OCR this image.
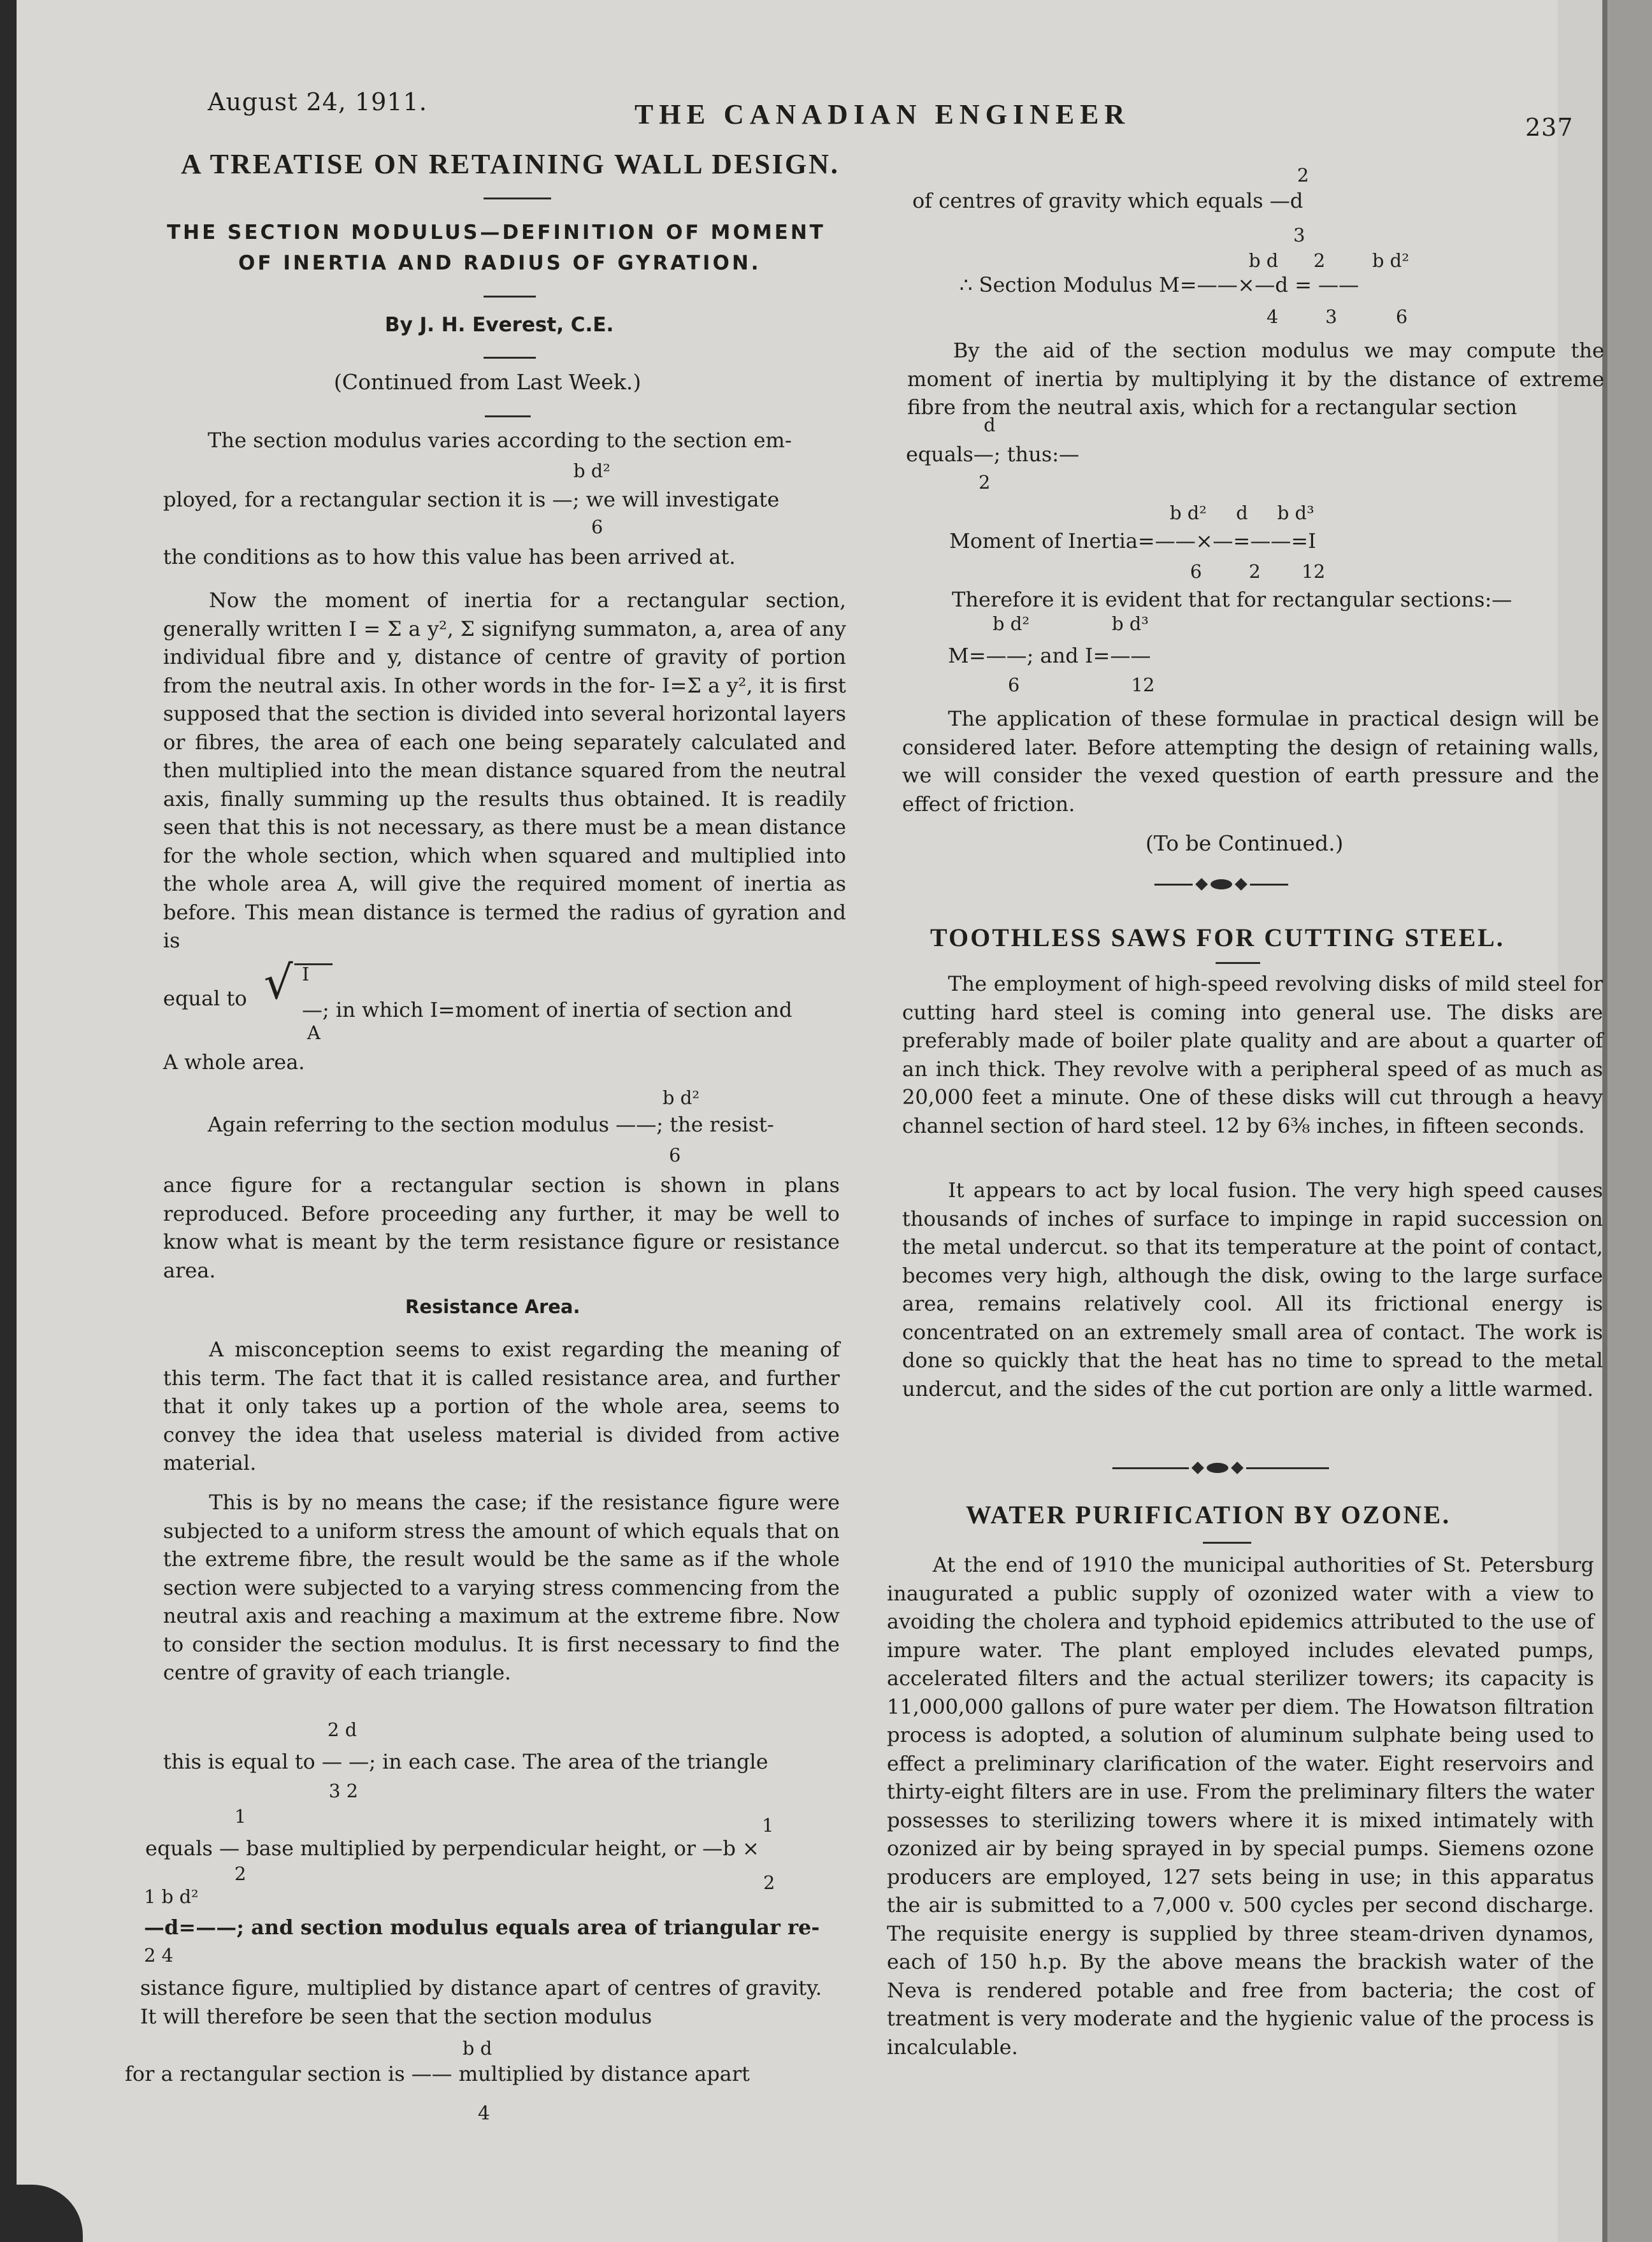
August 24, 1911.	THE CANADIAN ENGINEER	237
A TREATISE ON RETAINING WALL DESIGN.
THE SECTION MODULUS—DEFINITION OF MOMENT
OF INERTIA AND RADIUS OF GYRATION.
By J. H. Everest, C.E.
(Continued from Last Week.)
The section modulus varies according to the section em-
b d²
ployed, for a rectangular section it is —; we will investigate
6
the conditions as to how this value has been arrived at.
Now the moment of inertia for a rectangular section, generally written I = Σ a y², Σ signifyng summaton, a, area of any individual fibre and y, distance of centre of gravity of portion from the neutral axis. In other words in the for- I=Σ a y², it is first supposed that the section is divided into several horizontal layers or fibres, the area of each one being separately calculated and then multiplied into the mean distance squared from the neutral axis, finally summing up the results thus obtained. It is readily seen that this is not necessary, as there must be a mean distance for the whole section, which when squared and multiplied into the whole area A, will give the required moment of inertia as before. This mean distance is termed the radius of gyration and is
equal to √ I
—; in which I=moment of inertia of section and
A
A whole area.
b d²
Again referring to the section modulus ——; the resist-
6
ance figure for a rectangular section is shown in plans reproduced. Before proceeding any further, it may be well to know what is meant by the term resistance figure or resistance area.
Resistance Area.
A misconception seems to exist regarding the meaning of this term. The fact that it is called resistance area, and further that it only takes up a portion of the whole area, seems to convey the idea that useless material is divided from active material.
This is by no means the case; if the resistance figure were subjected to a uniform stress the amount of which equals that on the extreme fibre, the result would be the same as if the whole section were subjected to a varying stress commencing from the neutral axis and reaching a maximum at the extreme fibre. Now to consider the section modulus. It is first necessary to find the centre of gravity of each triangle.
2 d
this is equal to — —; in each case. The area of the triangle
3 2
1	1
equals — base multiplied by perpendicular height, or —b ×
2	2
1 b d²
—d=——; and section modulus equals area of triangular re-
2 4
sistance figure, multiplied by distance apart of centres of gravity. It will therefore be seen that the section modulus
b d
for a rectangular section is —— multiplied by distance apart
4
2
of centres of gravity which equals —d
3
b d      2        b d²
∴ Section Modulus M=——×—d = ——
4        3          6
By the aid of the section modulus we may compute the moment of inertia by multiplying it by the distance of extreme fibre from the neutral axis, which for a rectangular section
d
equals—; thus:—
2
b d²     d     b d³
Moment of Inertia=——×—=——=I
6        2       12
Therefore it is evident that for rectangular sections:—
b d²              b d³
M=——; and I=——
6                   12
The application of these formulae in practical design will be considered later. Before attempting the design of retaining walls, we will consider the vexed question of earth pressure and the effect of friction.
(To be Continued.)
TOOTHLESS SAWS FOR CUTTING STEEL.
The employment of high-speed revolving disks of mild steel for cutting hard steel is coming into general use. The disks are preferably made of boiler plate quality and are about a quarter of an inch thick. They revolve with a peripheral speed of as much as 20,000 feet a minute. One of these disks will cut through a heavy channel section of hard steel. 12 by 6⅜ inches, in fifteen seconds.
It appears to act by local fusion. The very high speed causes thousands of inches of surface to impinge in rapid succession on the metal undercut. so that its temperature at the point of contact, becomes very high, although the disk, owing to the large surface area, remains relatively cool. All its frictional energy is concentrated on an extremely small area of contact. The work is done so quickly that the heat has no time to spread to the metal undercut, and the sides of the cut portion are only a little warmed.
WATER PURIFICATION BY OZONE.
At the end of 1910 the municipal authorities of St. Petersburg inaugurated a public supply of ozonized water with a view to avoiding the cholera and typhoid epidemics attributed to the use of impure water. The plant employed includes elevated pumps, accelerated filters and the actual sterilizer towers; its capacity is 11,000,000 gallons of pure water per diem. The Howatson filtration process is adopted, a solution of aluminum sulphate being used to effect a preliminary clarification of the water. Eight reservoirs and thirty-eight filters are in use. From the preliminary filters the water possesses to sterilizing towers where it is mixed intimately with ozonized air by being sprayed in by special pumps. Siemens ozone producers are employed, 127 sets being in use; in this apparatus the air is submitted to a 7,000 v. 500 cycles per second discharge. The requisite energy is supplied by three steam-driven dynamos, each of 150 h.p. By the above means the brackish water of the Neva is rendered potable and free from bacteria; the cost of treatment is very moderate and the hygienic value of the process is incalculable.
